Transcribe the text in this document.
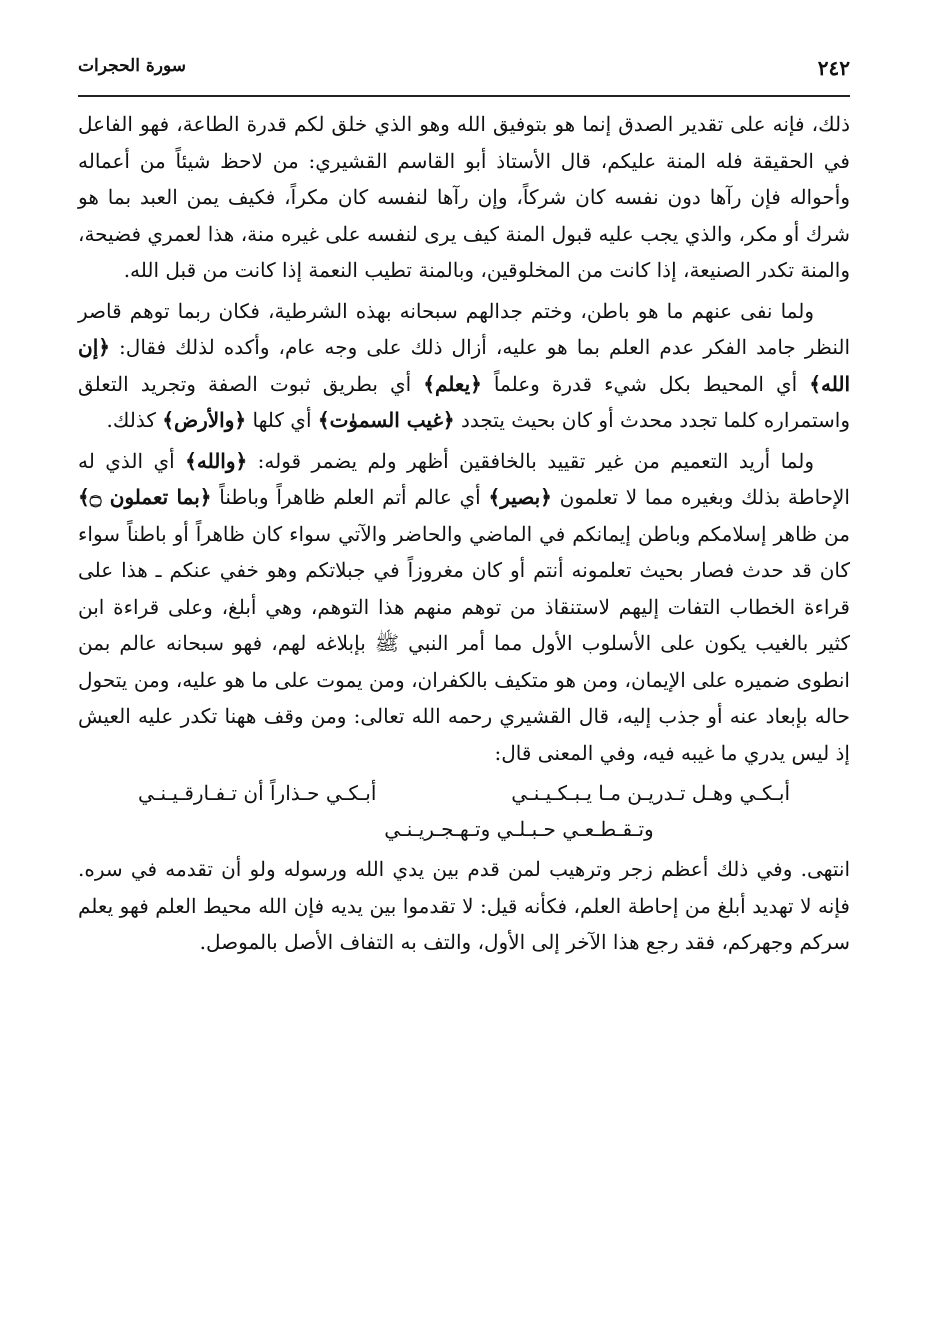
٢٤٢
سورة الحجرات

ذلك، فإنه على تقدير الصدق إنما هو بتوفيق الله وهو الذي خلق لكم قدرة الطاعة، فهو الفاعل في الحقيقة فله المنة عليكم، قال الأستاذ أبو القاسم القشيري: من لاحظ شيئاً من أعماله وأحواله فإن رآها دون نفسه كان شركاً، وإن رآها لنفسه كان مكراً، فكيف يمن العبد بما هو شرك أو مكر، والذي يجب عليه قبول المنة كيف يرى لنفسه على غيره منة، هذا لعمري فضيحة، والمنة تكدر الصنيعة، إذا كانت من المخلوقين، وبالمنة تطيب النعمة إذا كانت من قبل الله.

ولما نفى عنهم ما هو باطن، وختم جدالهم سبحانه بهذه الشرطية، فكان ربما توهم قاصر النظر جامد الفكر عدم العلم بما هو عليه، أزال ذلك على وجه عام، وأكده لذلك فقال: ﴿إن الله﴾ أي المحيط بكل شيء قدرة وعلماً ﴿يعلم﴾ أي بطريق ثبوت الصفة وتجريد التعلق واستمراره كلما تجدد محدث أو كان بحيث يتجدد ﴿غيب السموٰت﴾ أي كلها ﴿والأرض﴾ كذلك.

ولما أريد التعميم من غير تقييد بالخافقين أظهر ولم يضمر قوله: ﴿والله﴾ أي الذي له الإحاطة بذلك وبغيره مما لا تعلمون ﴿بصير﴾ أي عالم أتم العلم ظاهراً وباطناً ﴿بما تعملون ۝﴾ من ظاهر إسلامكم وباطن إيمانكم في الماضي والحاضر والآتي سواء كان ظاهراً أو باطناً سواء كان قد حدث فصار بحيث تعلمونه أنتم أو كان مغروزاً في جبلاتكم وهو خفي عنكم ـ هذا على قراءة الخطاب التفات إليهم لاستنقاذ من توهم منهم هذا التوهم، وهي أبلغ، وعلى قراءة ابن كثير بالغيب يكون على الأسلوب الأول مما أمر النبي ﷺ بإبلاغه لهم، فهو سبحانه عالم بمن انطوى ضميره على الإيمان، ومن هو متكيف بالكفران، ومن يموت على ما هو عليه، ومن يتحول حاله بإبعاد عنه أو جذب إليه، قال القشيري رحمه الله تعالى: ومن وقف ههنا تكدر عليه العيش إذ ليس يدري ما غيبه فيه، وفي المعنى قال:

أبـكـي وهـل تـدريـن مـا يـبـكـيـنـي
أبـكـي حـذاراً أن تـفـارقـيـنـي
وتـقـطـعـي حـبـلـي وتـهـجـريـنـي

انتهى. وفي ذلك أعظم زجر وترهيب لمن قدم بين يدي الله ورسوله ولو أن تقدمه في سره. فإنه لا تهديد أبلغ من إحاطة العلم، فكأنه قيل: لا تقدموا بين يديه فإن الله محيط العلم فهو يعلم سركم وجهركم، فقد رجع هذا الآخر إلى الأول، والتف به التفاف الأصل بالموصل.
